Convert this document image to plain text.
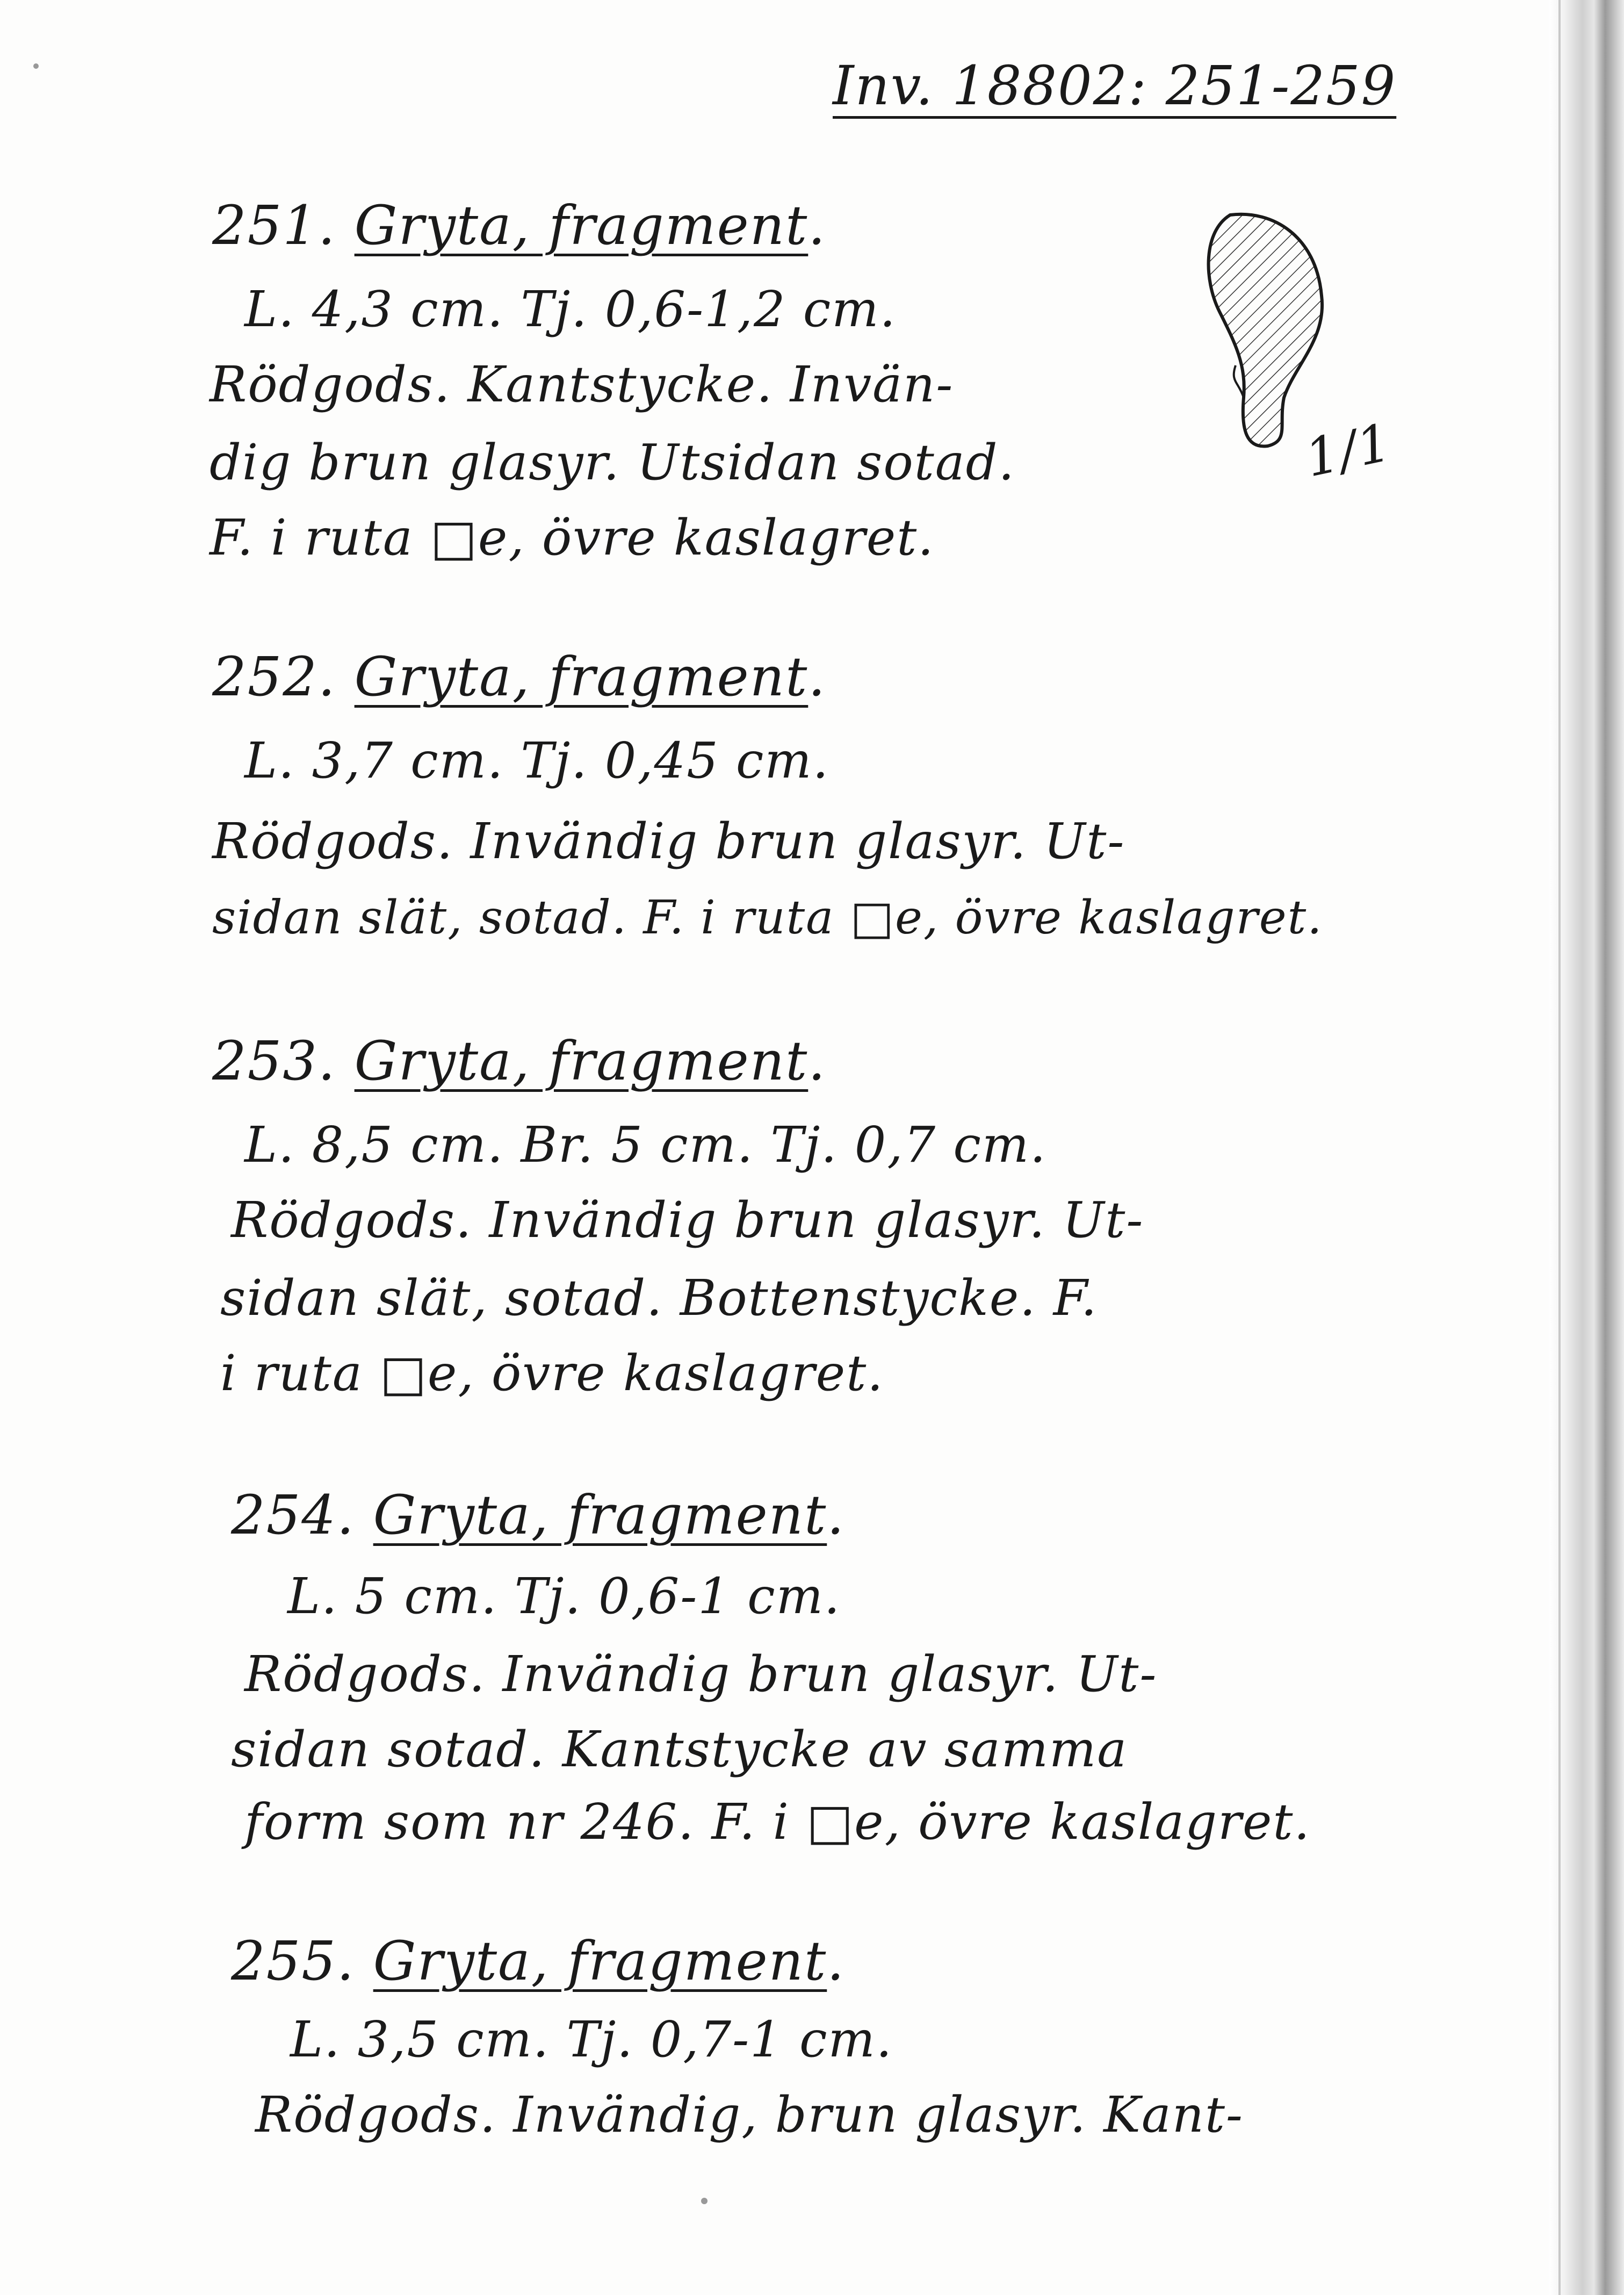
Inv. 18802: 251-259
251. Gryta, fragment.
L. 4,3 cm. Tj. 0,6-1,2 cm.
Rödgods. Kantstycke. Invän-
dig brun glasyr. Utsidan sotad.
F. i ruta □e, övre kaslagret.
1/1
252. Gryta, fragment.
L. 3,7 cm. Tj. 0,45 cm.
Rödgods. Invändig brun glasyr. Ut-
sidan slät, sotad. F. i ruta □e, övre kaslagret.
253. Gryta, fragment.
L. 8,5 cm. Br. 5 cm. Tj. 0,7 cm.
Rödgods. Invändig brun glasyr. Ut-
sidan slät, sotad. Bottenstycke. F.
i ruta □e, övre kaslagret.
254. Gryta, fragment.
L. 5 cm. Tj. 0,6-1 cm.
Rödgods. Invändig brun glasyr. Ut-
sidan sotad. Kantstycke av samma
form som nr 246. F. i □e, övre kaslagret.
255. Gryta, fragment.
L. 3,5 cm. Tj. 0,7-1 cm.
Rödgods. Invändig, brun glasyr. Kant-
